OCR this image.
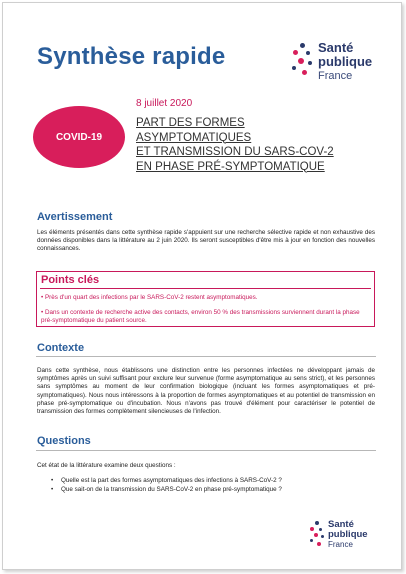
Synthèse rapide	Santé
publique
France
COVID-19
8 juillet 2020
PART DES FORMES
ASYMPTOMATIQUES
ET TRANSMISSION DU SARS-COV-2
EN PHASE PRÉ-SYMPTOMATIQUE
Avertissement
Les éléments présentés dans cette synthèse rapide s'appuient sur une recherche sélective rapide et non exhaustive des données disponibles dans la littérature au 2 juin 2020. Ils seront susceptibles d'être mis à jour en fonction des nouvelles connaissances.
Points clés
• Près d'un quart des infections par le SARS-CoV-2 restent asymptomatiques.
• Dans un contexte de recherche active des contacts, environ 50 % des transmissions surviennent durant la phase pré-symptomatique du patient source.
Contexte
Dans cette synthèse, nous établissons une distinction entre les personnes infectées ne développant jamais de symptômes après un suivi suffisant pour exclure leur survenue (forme asymptomatique au sens strict), et les personnes sans symptômes au moment de leur confirmation biologique (incluant les formes asymptomatiques et pré-symptomatiques). Nous nous intéressons à la proportion de formes asymptomatiques et au potentiel de transmission en phase pré-symptomatique ou d'incubation. Nous n'avons pas trouvé d'élément pour caractériser le potentiel de transmission des formes complètement silencieuses de l'infection.
Questions
Cet état de la littérature examine deux questions :
• Quelle est la part des formes asymptomatiques des infections à SARS-CoV-2 ?
• Que sait-on de la transmission du SARS-CoV-2 en phase pré-symptomatique ?
Santé
publique
France
